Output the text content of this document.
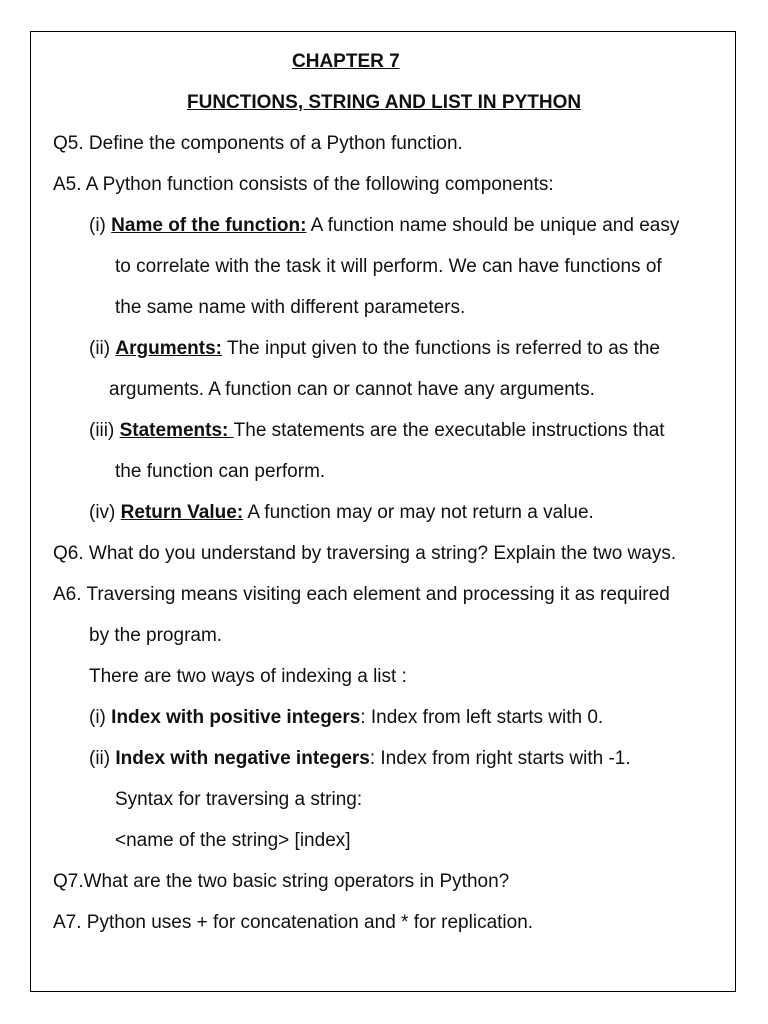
CHAPTER 7
FUNCTIONS, STRING AND LIST IN PYTHON
Q5. Define the components of a Python function.
A5. A Python function consists of the following components:
(i) Name of the function: A function name should be unique and easy
to correlate with the task it will perform. We can have functions of
the same name with different parameters.
(ii) Arguments: The input given to the functions is referred to as the
arguments. A function can or cannot have any arguments.
(iii) Statements: The statements are the executable instructions that
the function can perform.
(iv) Return Value: A function may or may not return a value.
Q6. What do you understand by traversing a string? Explain the two ways.
A6. Traversing means visiting each element and processing it as required
by the program.
There are two ways of indexing a list :
(i) Index with positive integers: Index from left starts with 0.
(ii) Index with negative integers: Index from right starts with -1.
Syntax for traversing a string:
<name of the string> [index]
Q7.What are the two basic string operators in Python?
A7. Python uses + for concatenation and * for replication.
